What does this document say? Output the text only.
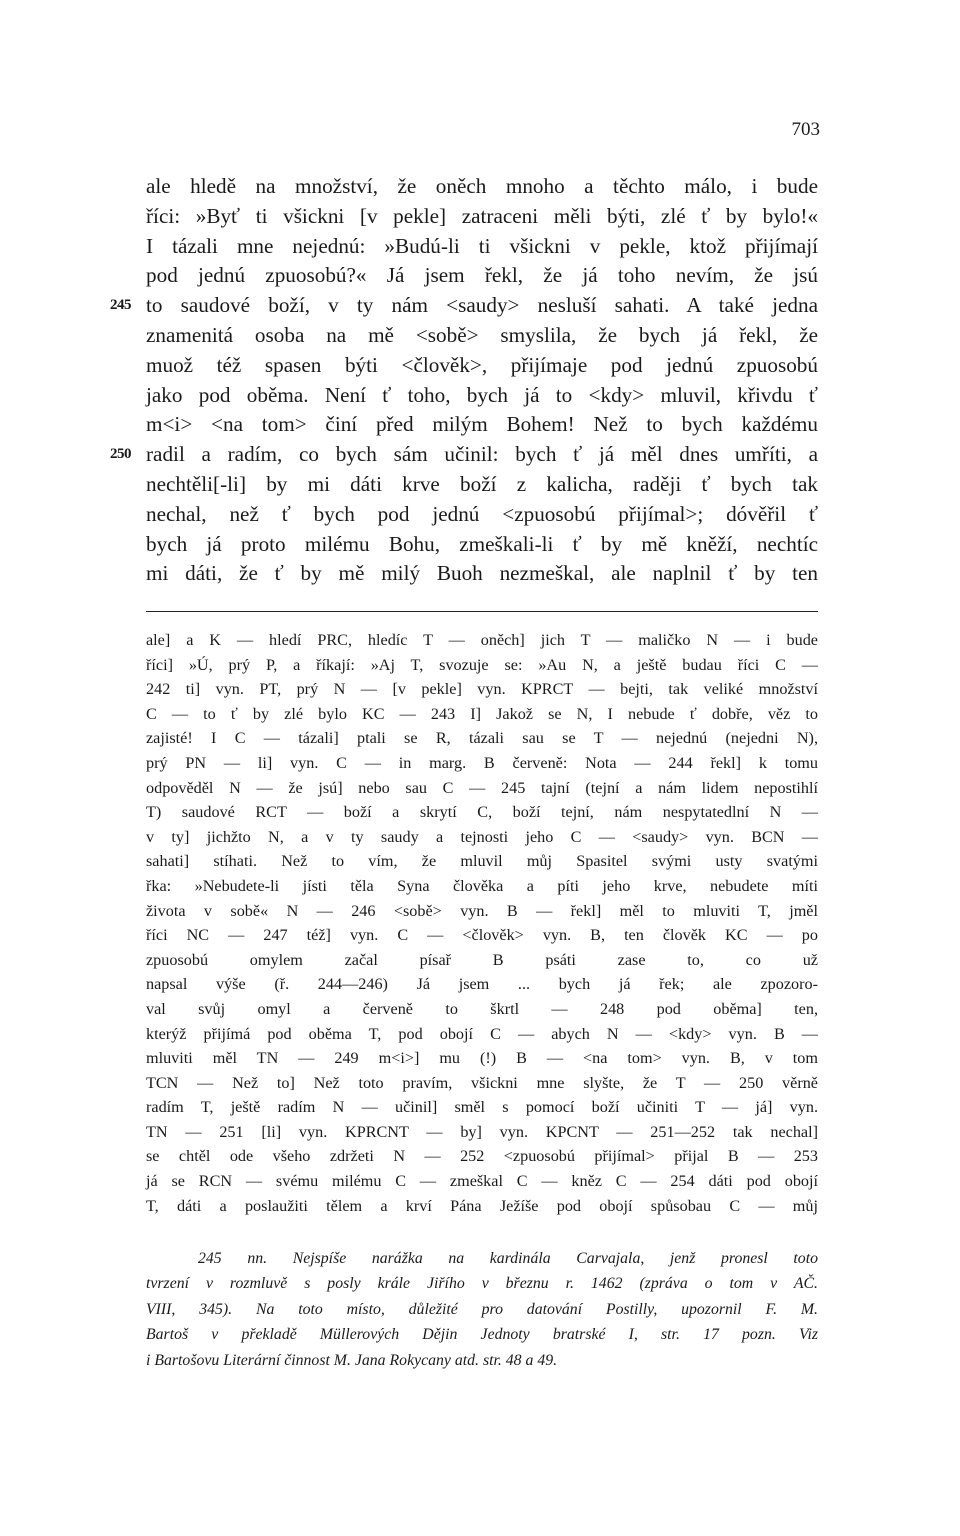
703
ale hledě na množství, že oněch mnoho a těchto málo, i bude
říci: »Byť ti všickni [v pekle] zatraceni měli býti, zlé ť by bylo!«
I tázali mne nejednú: »Budú-li ti všickni v pekle, ktož přijímají
pod jednú zpuosobú?« Já jsem řekl, že já toho nevím, že jsú
245 to saudové boží, v ty nám <saudy> nesluší sahati. A také jedna
znamenitá osoba na mě <sobě> smyslila, že bych já řekl, že
muož též spasen býti <člověk>, přijímaje pod jednú zpuosobú
jako pod oběma. Není ť toho, bych já to <kdy> mluvil, křivdu ť
m<i> <na tom> činí před milým Bohem! Než to bych každému
250 radil a radím, co bych sám učinil: bych ť já měl dnes umříti, a
nechtěli[-li] by mi dáti krve boží z kalicha, raději ť bych tak
nechal, než ť bych pod jednú <zpuosobú přijímal>; dóvěřil ť
bych já proto milému Bohu, zmeškali-li ť by mě kněží, nechtíc
mi dáti, že ť by mě milý Buoh nezmeškal, ale naplnil ť by ten
ale] a K — hledí PRC, hledíc T — oněch] jich T — maličko N — i bude
říci] »Ú, prý P, a říkají: »Aj T, svozuje se: »Au N, a ještě budau říci C —
242 ti] vyn. PT, prý N — [v pekle] vyn. KPRCT — bejti, tak veliké množství
C — to ť by zlé bylo KC — 243 I] Jakož se N, I nebude ť dobře, věz to
zajisté! I C — tázali] ptali se R, tázali sau se T — nejednú (nejedni N),
prý PN — li] vyn. C — in marg. B červeně: Nota — 244 řekl] k tomu
odpověděl N — že jsú] nebo sau C — 245 tajní (tejní a nám lidem nepostihlí
T) saudové RCT — boží a skrytí C, boží tejní, nám nespytatedlní N —
v ty] jichžto N, a v ty saudy a tejnosti jeho C — <saudy> vyn. BCN —
sahati] stíhati. Než to vím, že mluvil můj Spasitel svými usty svatými
řka: »Nebudete-li jísti těla Syna člověka a píti jeho krve, nebudete míti
života v sobě« N — 246 <sobě> vyn. B — řekl] měl to mluviti T, jměl
říci NC — 247 též] vyn. C — <člověk> vyn. B, ten člověk KC — po
zpuosobú omylem začal písař B psáti zase to, co už
napsal výše (ř. 244—246) Já jsem ... bych já řek; ale zpozoro-
val svůj omyl a červeně to škrtl — 248 pod oběma] ten,
kterýž přijímá pod oběma T, pod obojí C — abych N — <kdy> vyn. B —
mluviti měl TN — 249 m<i>] mu (!) B — <na tom> vyn. B, v tom
TCN — Než to] Než toto pravím, všickni mne slyšte, že T — 250 věrně
radím T, ještě radím N — učinil] směl s pomocí boží učiniti T — já] vyn.
TN — 251 [li] vyn. KPRCNT — by] vyn. KPCNT — 251—252 tak nechal]
se chtěl ode všeho zdržeti N — 252 <zpuosobú přijímal> přijal B — 253
já se RCN — svému milému C — zmeškal C — kněz C — 254 dáti pod obojí
T, dáti a poslaužiti tělem a krví Pána Ježíše pod obojí spůsobau C — můj
245 nn. Nejspíše narážka na kardinála Carvajala, jenž pronesl toto
tvrzení v rozmluvě s posly krále Jiřího v březnu r. 1462 (zpráva o tom v AČ.
VIII, 345). Na toto místo, důležité pro datování Postilly, upozornil F. M.
Bartoš v překladě Müllerových Dějin Jednoty bratrské I, str. 17 pozn. Viz
i Bartošovu Literární činnost M. Jana Rokycany atd. str. 48 a 49.
